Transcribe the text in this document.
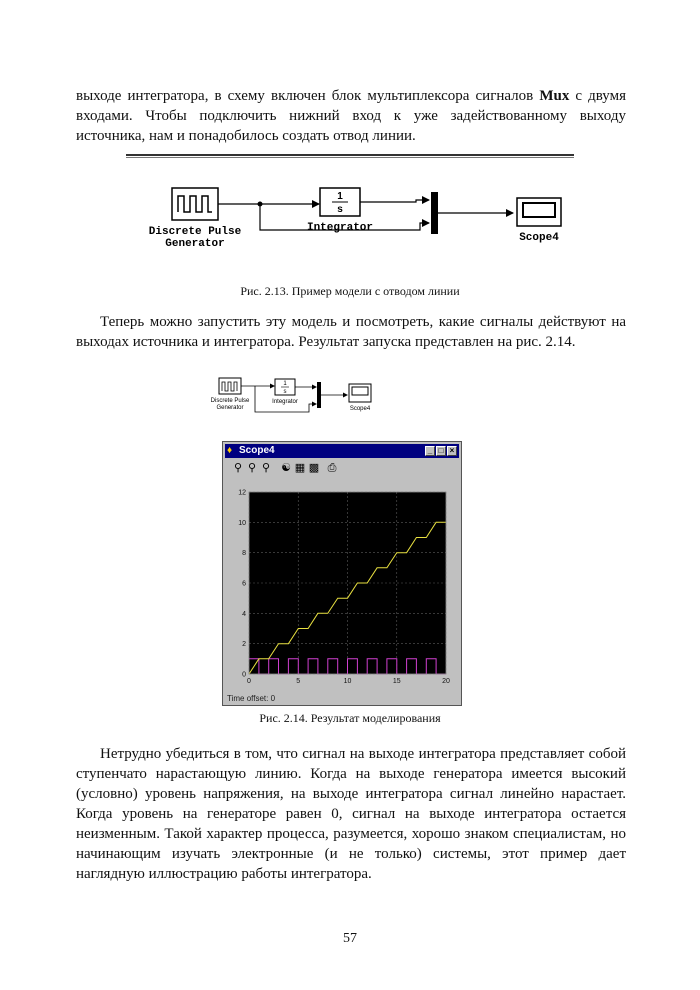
выходе интегратора, в схему включен блок мультиплексора сигналов Mux с двумя входами. Чтобы подключить нижний вход к уже задействованному выходу источника, нам и понадобилось создать отвод линии.

Discrete Pulse
Generator
1
s
Integrator
Scope4
Рис. 2.13. Пример модели с отводом линии

Теперь можно запустить эту модель и посмотреть, какие сигналы действуют на выходах источника и интегратора. Результат запуска представлен на рис. 2.14.

Discrete Pulse
Generator
1
s
Integrator
Scope4
♦ Scope4	_ □ ×
⚲ ⚲ ⚲ ☯ ▦ ▩ ⎙
0	5	10	15	20
0
2
4
6
8
10
12
Time offset: 0
Рис. 2.14. Результат моделирования

Нетрудно убедиться в том, что сигнал на выходе интегратора представляет собой ступенчато нарастающую линию. Когда на выходе генератора имеется высокий (условно) уровень напряжения, на выходе интегратора сигнал линейно нарастает. Когда уровень на генераторе равен 0, сигнал на выходе интегратора остается неизменным. Такой характер процесса, разумеется, хорошо знаком специалистам, но начинающим изучать электронные (и не только) системы, этот пример дает наглядную иллюстрацию работы интегратора.

57
